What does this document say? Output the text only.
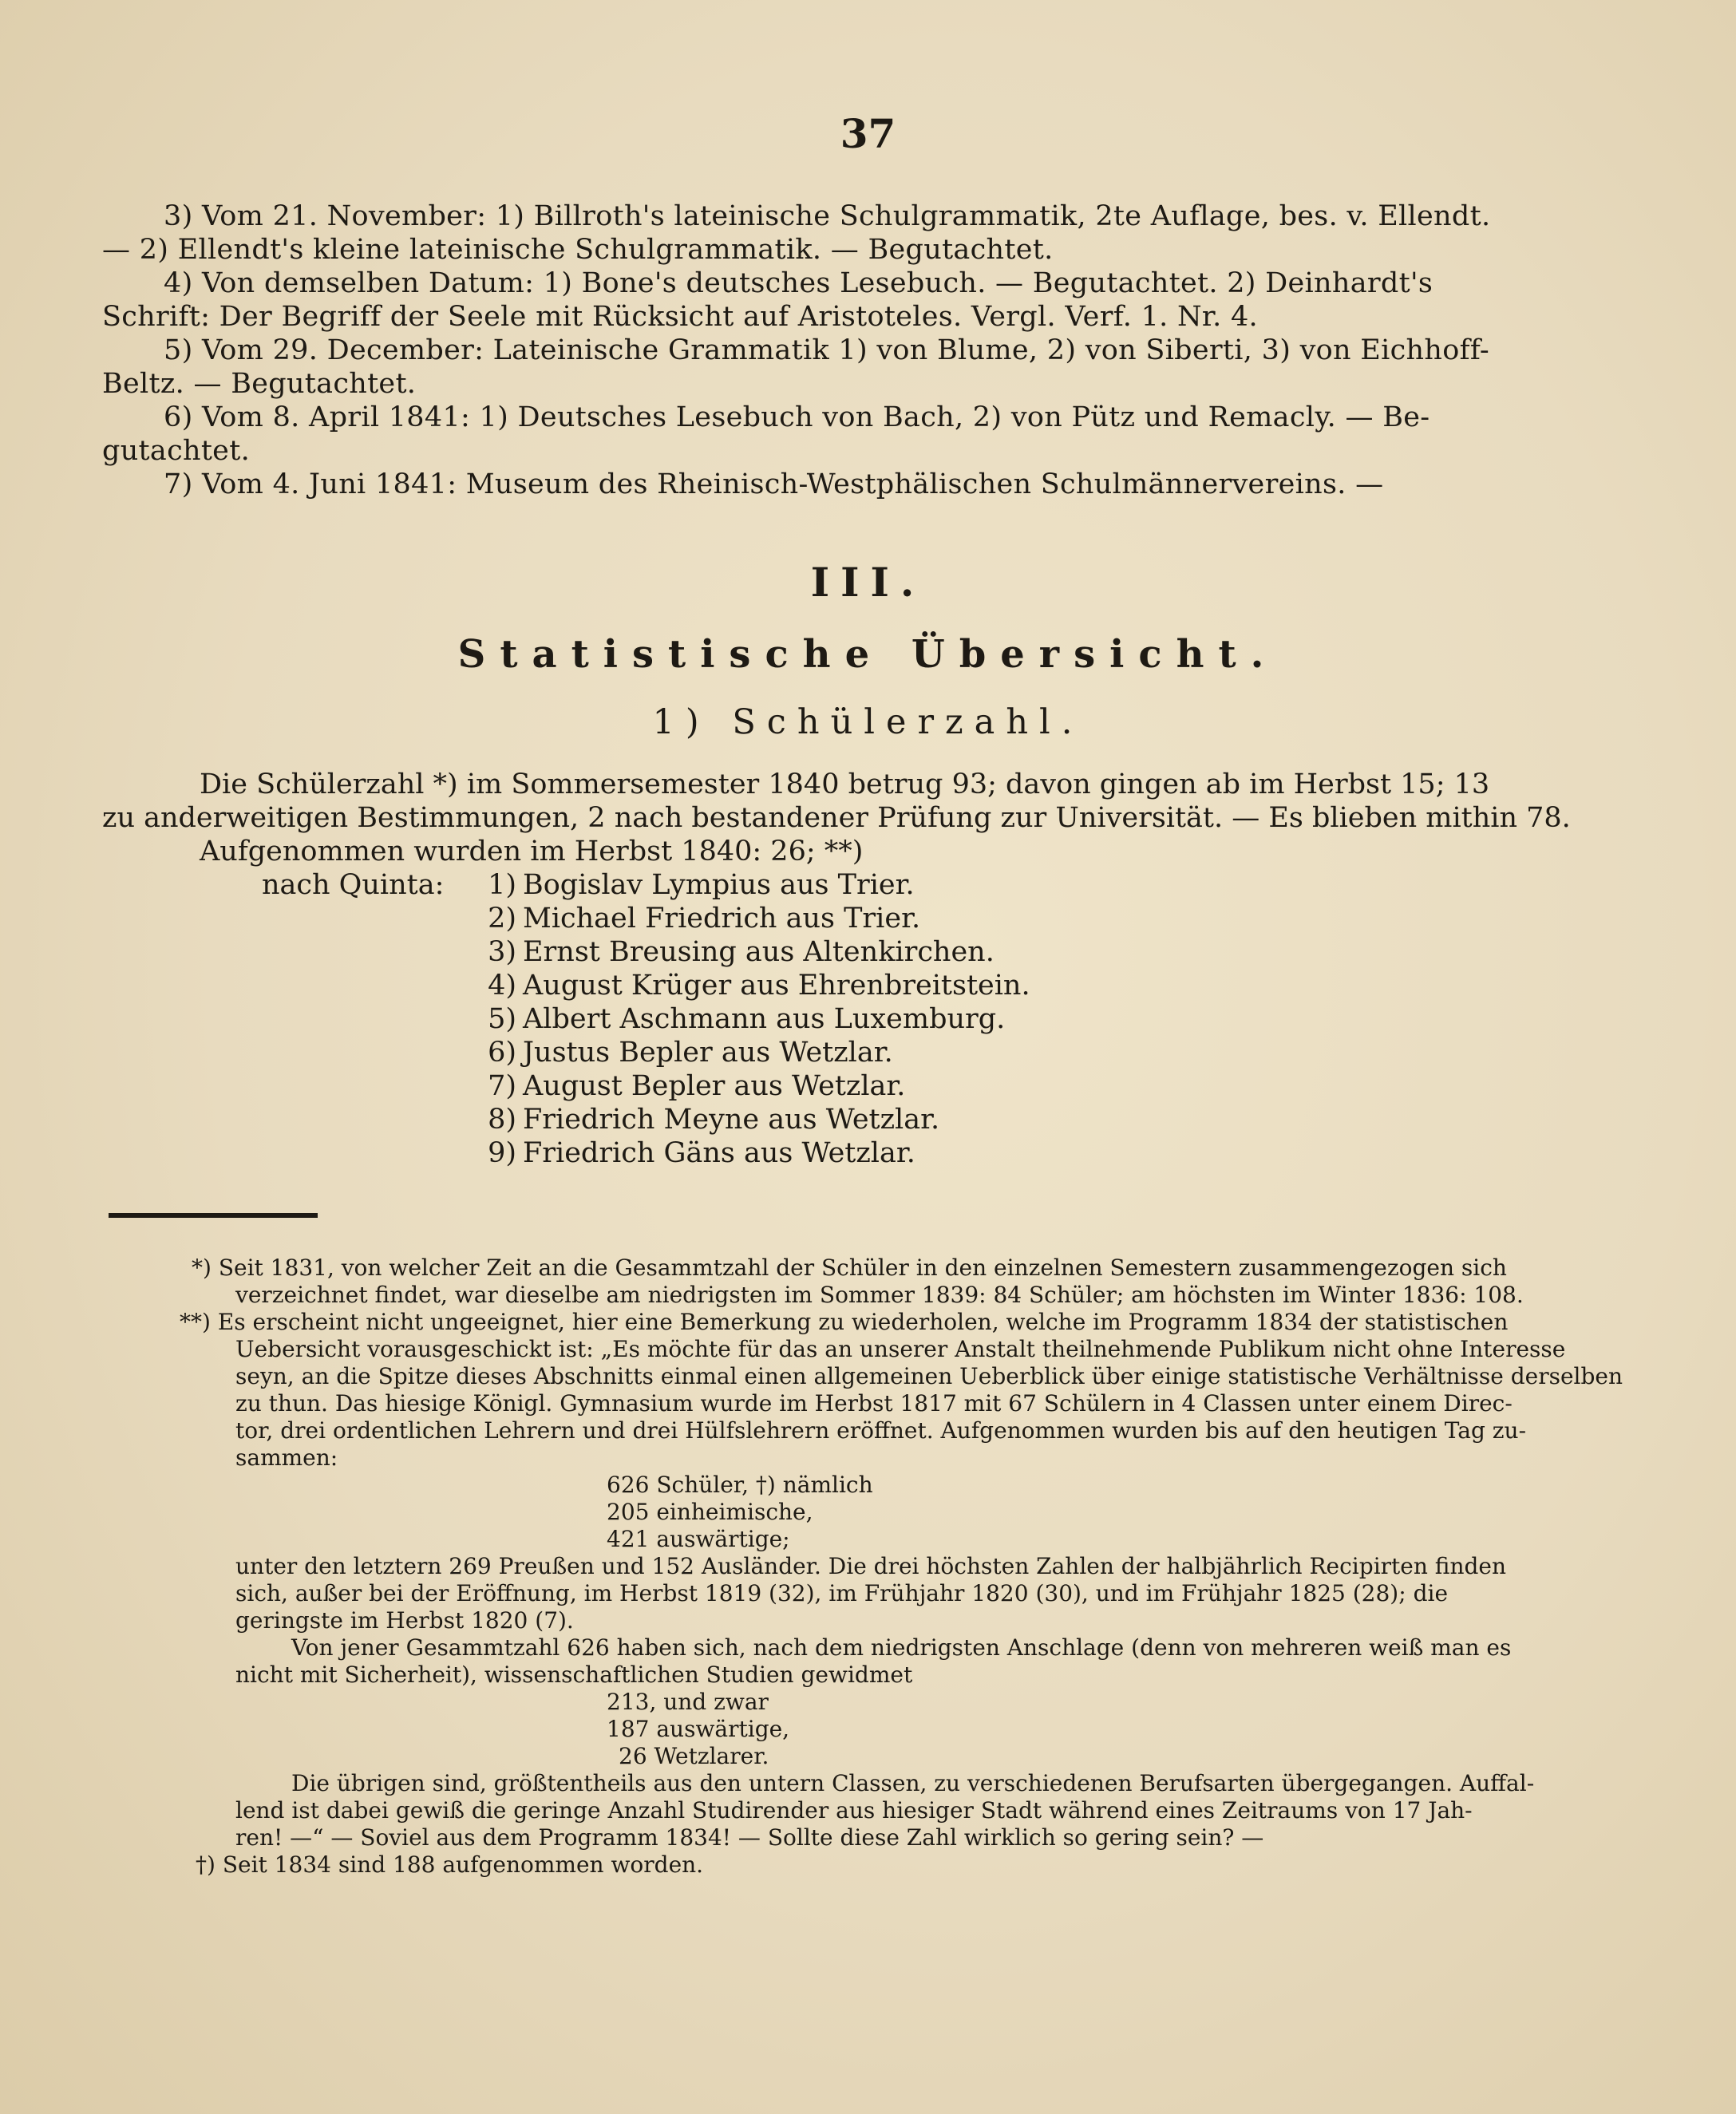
37
3) Vom 21. November: 1) Billroth's lateinische Schulgrammatik, 2te Auflage, bes. v. Ellendt.
— 2) Ellendt's kleine lateinische Schulgrammatik. — Begutachtet.
4) Von demselben Datum: 1) Bone's deutsches Lesebuch. — Begutachtet. 2) Deinhardt's
Schrift: Der Begriff der Seele mit Rücksicht auf Aristoteles. Vergl. Verf. 1. Nr. 4.
5) Vom 29. December: Lateinische Grammatik 1) von Blume, 2) von Siberti, 3) von Eichhoff-
Beltz. — Begutachtet.
6) Vom 8. April 1841: 1) Deutsches Lesebuch von Bach, 2) von Pütz und Remacly. — Be-
gutachtet.
7) Vom 4. Juni 1841: Museum des Rheinisch-Westphälischen Schulmännervereins. —
III.
Statistische Übersicht.
1) Schülerzahl.
Die Schülerzahl *) im Sommersemester 1840 betrug 93; davon gingen ab im Herbst 15; 13
zu anderweitigen Bestimmungen, 2 nach bestandener Prüfung zur Universität. — Es blieben mithin 78.
Aufgenommen wurden im Herbst 1840: 26; **)
nach Quinta:	1) Bogislav Lympius aus Trier.
2) Michael Friedrich aus Trier.
3) Ernst Breusing aus Altenkirchen.
4) August Krüger aus Ehrenbreitstein.
5) Albert Aschmann aus Luxemburg.
6) Justus Bepler aus Wetzlar.
7) August Bepler aus Wetzlar.
8) Friedrich Meyne aus Wetzlar.
9) Friedrich Gäns aus Wetzlar.
*) Seit 1831, von welcher Zeit an die Gesammtzahl der Schüler in den einzelnen Semestern zusammengezogen sich
verzeichnet findet, war dieselbe am niedrigsten im Sommer 1839: 84 Schüler; am höchsten im Winter 1836: 108.
**) Es erscheint nicht ungeeignet, hier eine Bemerkung zu wiederholen, welche im Programm 1834 der statistischen
Uebersicht vorausgeschickt ist: „Es möchte für das an unserer Anstalt theilnehmende Publikum nicht ohne Interesse
seyn, an die Spitze dieses Abschnitts einmal einen allgemeinen Ueberblick über einige statistische Verhältnisse derselben
zu thun. Das hiesige Königl. Gymnasium wurde im Herbst 1817 mit 67 Schülern in 4 Classen unter einem Direc-
tor, drei ordentlichen Lehrern und drei Hülfslehrern eröffnet. Aufgenommen wurden bis auf den heutigen Tag zu-
sammen:
626 Schüler, †) nämlich
205 einheimische,
421 auswärtige;
unter den letztern 269 Preußen und 152 Ausländer. Die drei höchsten Zahlen der halbjährlich Recipirten finden
sich, außer bei der Eröffnung, im Herbst 1819 (32), im Frühjahr 1820 (30), und im Frühjahr 1825 (28); die
geringste im Herbst 1820 (7).
Von jener Gesammtzahl 626 haben sich, nach dem niedrigsten Anschlage (denn von mehreren weiß man es
nicht mit Sicherheit), wissenschaftlichen Studien gewidmet
213, und zwar
187 auswärtige,
26 Wetzlarer.
Die übrigen sind, größtentheils aus den untern Classen, zu verschiedenen Berufsarten übergegangen. Auffal-
lend ist dabei gewiß die geringe Anzahl Studirender aus hiesiger Stadt während eines Zeitraums von 17 Jah-
ren! —“ — Soviel aus dem Programm 1834! — Sollte diese Zahl wirklich so gering sein? —
†) Seit 1834 sind 188 aufgenommen worden.
